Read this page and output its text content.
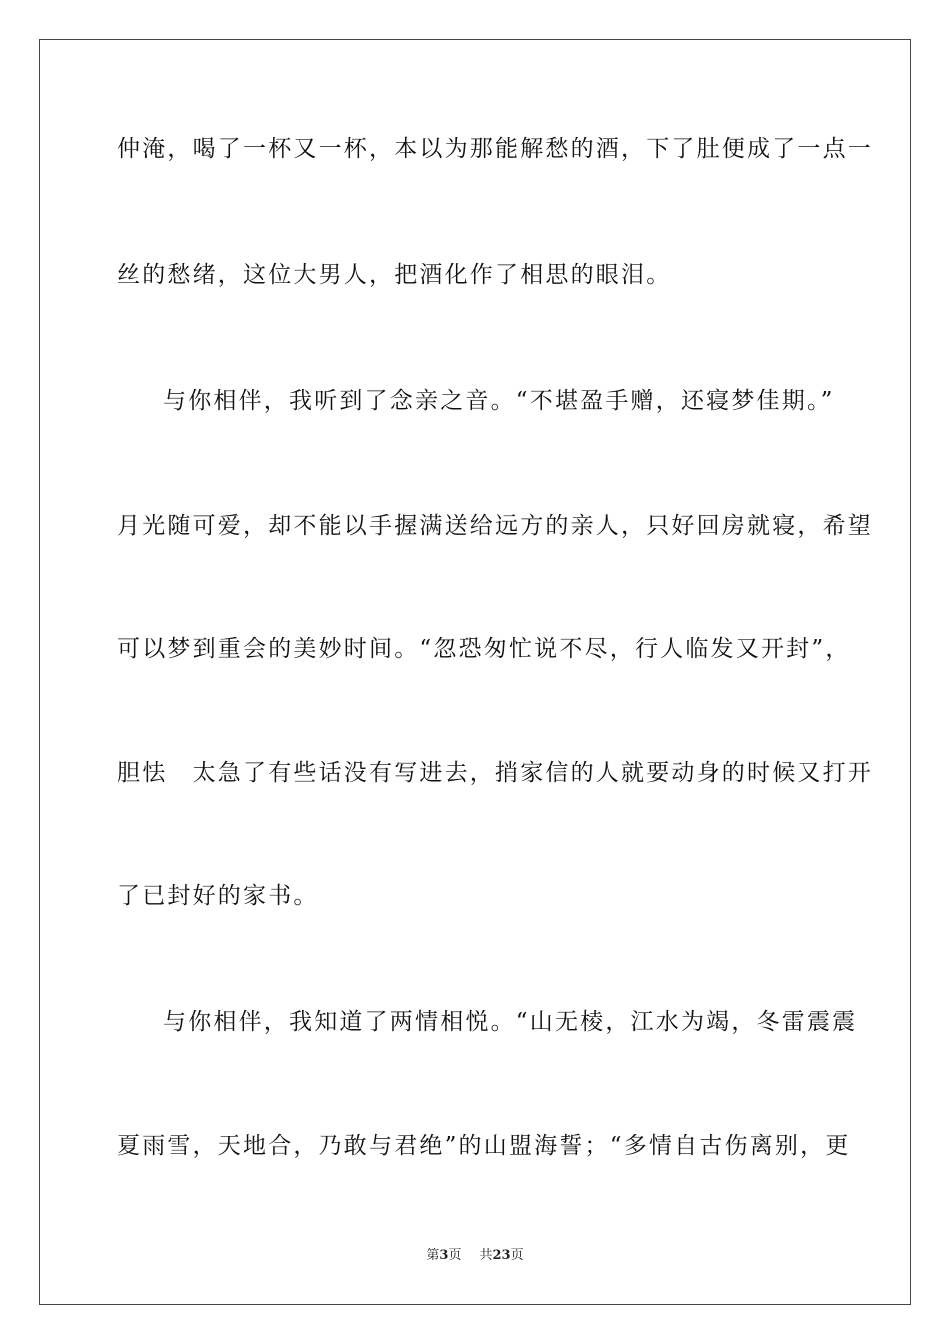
仲淹，喝了一杯又一杯，本以为那能解愁的酒，下了肚便成了一点一
丝的愁绪，这位大男人，把酒化作了相思的眼泪。
与你相伴，我听到了念亲之音。“不堪盈手赠，还寝梦佳期。”
月光随可爱，却不能以手握满送给远方的亲人，只好回房就寝，希望
可以梦到重会的美妙时间。“忽恐匆忙说不尽，行人临发又开封”，
胆怯　太急了有些话没有写进去，捎家信的人就要动身的时候又打开
了已封好的家书。
与你相伴，我知道了两情相悦。“山无棱，江水为竭，冬雷震震
夏雨雪，天地合，乃敢与君绝”的山盟海誓；“多情自古伤离别，更
第3页 共23页
